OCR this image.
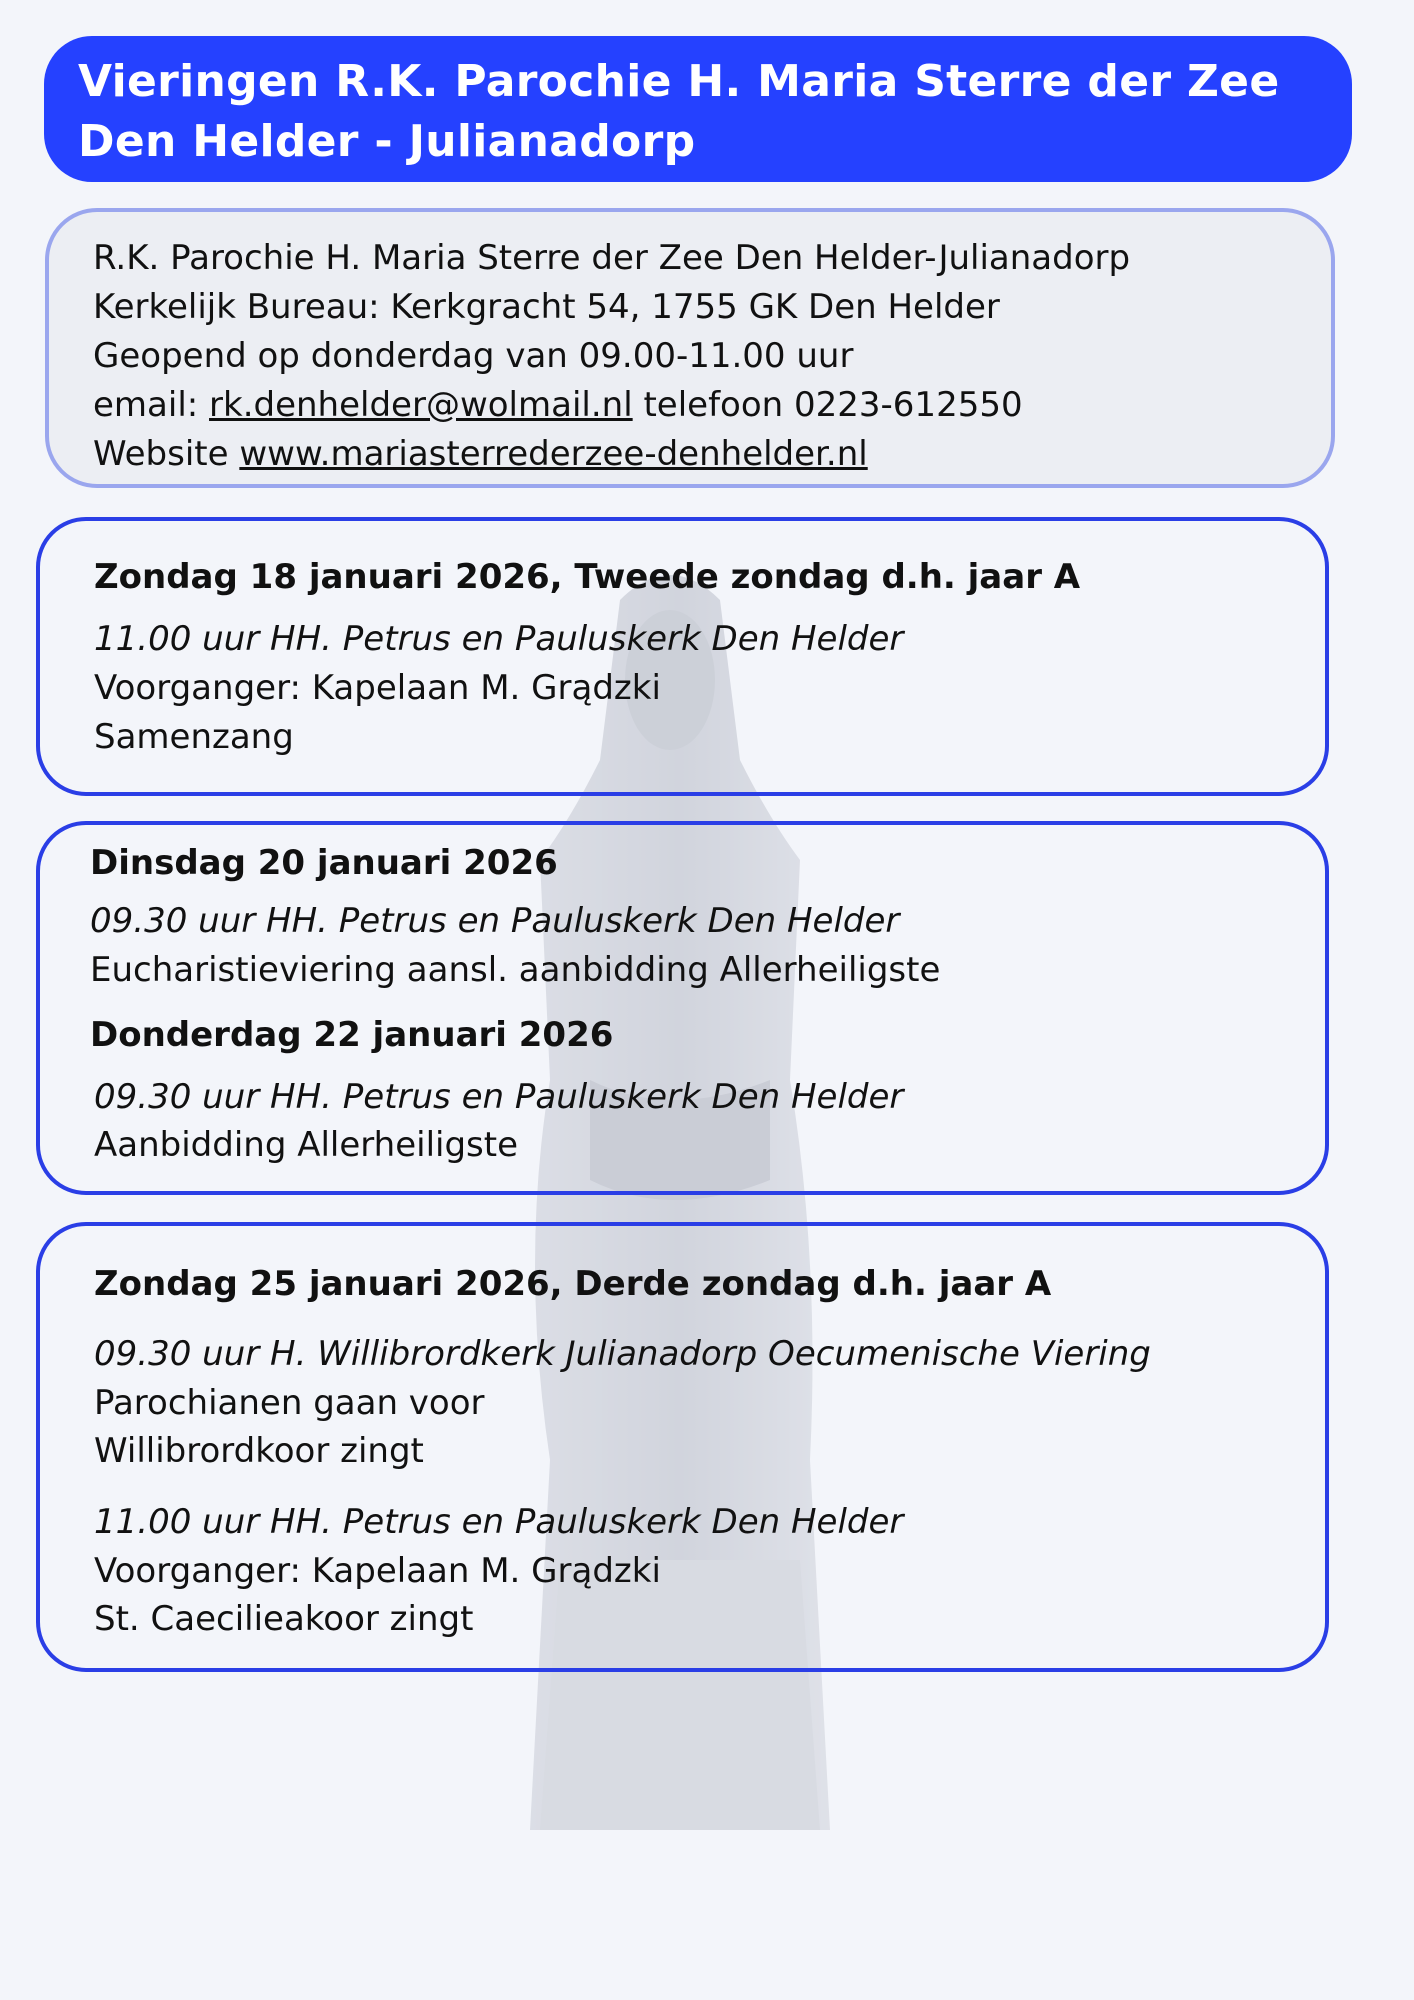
Vieringen R.K. Parochie H. Maria Sterre der Zee
Den Helder - Julianadorp

R.K. Parochie H. Maria Sterre der Zee Den Helder-Julianadorp

Kerkelijk Bureau: Kerkgracht 54, 1755 GK Den Helder

Geopend op donderdag van 09.00-11.00 uur

email: rk.denhelder@wolmail.nl telefoon 0223-612550

Website www.mariasterrederzee-denhelder.nl

Zondag 18 januari 2026, Tweede zondag d.h. jaar A
11.00 uur HH. Petrus en Pauluskerk Den Helder
Voorganger: Kapelaan M. Grądzki
Samenzang
Dinsdag 20 januari 2026
09.30 uur HH. Petrus en Pauluskerk Den Helder
Eucharistieviering aansl. aanbidding Allerheiligste
Donderdag 22 januari 2026
09.30 uur HH. Petrus en Pauluskerk Den Helder
Aanbidding Allerheiligste
Zondag 25 januari 2026, Derde zondag d.h. jaar A
09.30 uur H. Willibrordkerk Julianadorp Oecumenische Viering
Parochianen gaan voor
Willibrordkoor zingt
11.00 uur HH. Petrus en Pauluskerk Den Helder
Voorganger: Kapelaan M. Grądzki
St. Caecilieakoor zingt
